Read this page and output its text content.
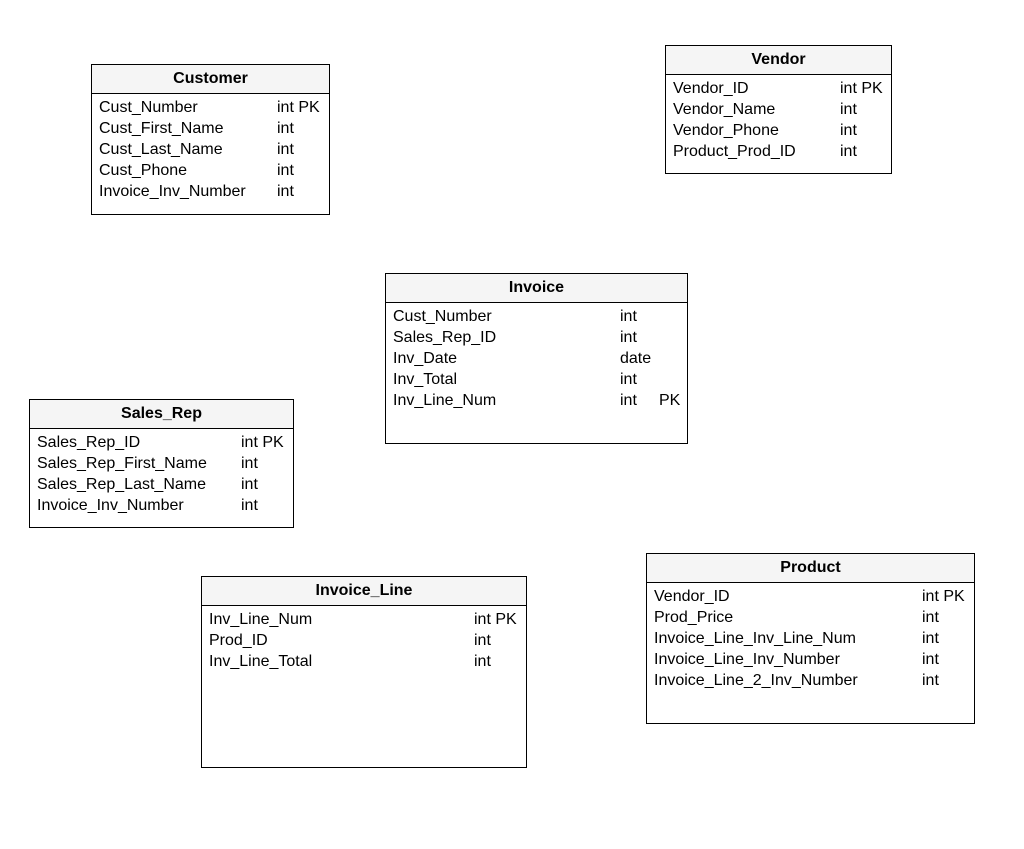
Customer
Cust_Number	int PK
Cust_First_Name	int
Cust_Last_Name	int
Cust_Phone	int
Invoice_Inv_Number int
Vendor
Vendor_ID	int PK
Vendor_Name	int
Vendor_Phone	int
Product_Prod_ID	int
Invoice
Cust_Number	int
Sales_Rep_ID	int
Inv_Date	date
Inv_Total	int
Inv_Line_Num	int PK
Sales_Rep
Sales_Rep_ID	int PK
Sales_Rep_First_Name int
Sales_Rep_Last_Name int
Invoice_Inv_Number	int
Invoice_Line
Inv_Line_Num	int PK
Prod_ID	int
Inv_Line_Total	int
Product
Vendor_ID	int PK
Prod_Price	int
Invoice_Line_Inv_Line_Num	int
Invoice_Line_Inv_Number	int
Invoice_Line_2_Inv_Number	int
